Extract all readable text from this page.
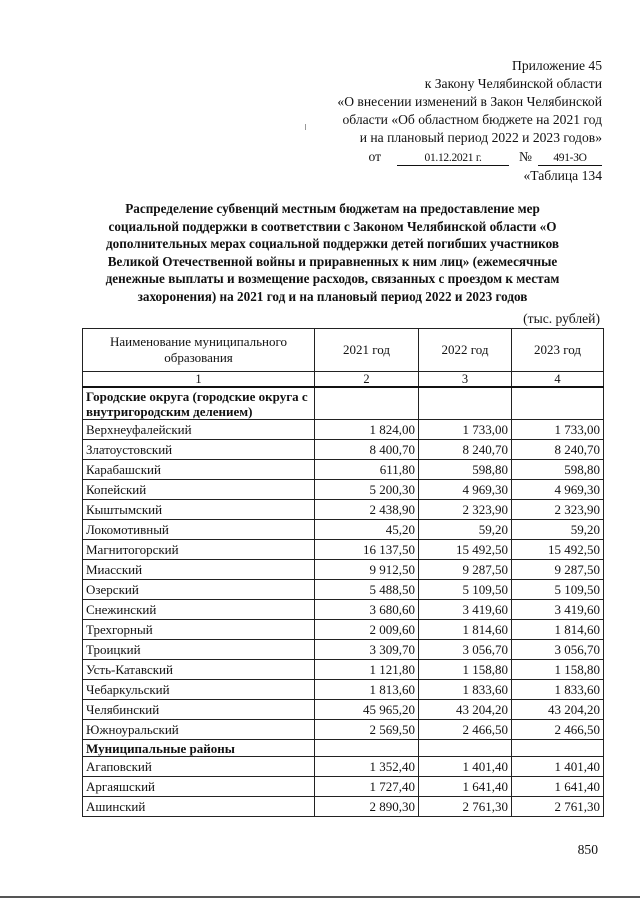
Приложение 45
к Закону Челябинской области
«О внесении изменений в Закон Челябинской
области «Об областном бюджете на 2021 год
и на плановый период 2022 и 2023 годов»
от	01.12.2021 г.	№	491-ЗО
«Таблица 134
Распределение субвенций местным бюджетам на предоставление мер социальной поддержки в соответствии с Законом Челябинской области «О дополнительных мерах социальной поддержки детей погибших участников Великой Отечественной войны и приравненных к ним лиц» (ежемесячные денежные выплаты и возмещение расходов, связанных с проездом к местам захоронения) на 2021 год и на плановый период 2022 и 2023 годов
(тыс. рублей)
Наименование муниципального образования	2021 год	2022 год	2023 год
1	2	3	4
Городские округа (городские округа с внутригородским делением)			
Верхнеуфалейский	1 824,00	1 733,00	1 733,00
Златоустовский	8 400,70	8 240,70	8 240,70
Карабашский	611,80	598,80	598,80
Копейский	5 200,30	4 969,30	4 969,30
Кыштымский	2 438,90	2 323,90	2 323,90
Локомотивный	45,20	59,20	59,20
Магнитогорский	16 137,50	15 492,50	15 492,50
Миасский	9 912,50	9 287,50	9 287,50
Озерский	5 488,50	5 109,50	5 109,50
Снежинский	3 680,60	3 419,60	3 419,60
Трехгорный	2 009,60	1 814,60	1 814,60
Троицкий	3 309,70	3 056,70	3 056,70
Усть-Катавский	1 121,80	1 158,80	1 158,80
Чебаркульский	1 813,60	1 833,60	1 833,60
Челябинский	45 965,20	43 204,20	43 204,20
Южноуральский	2 569,50	2 466,50	2 466,50
Муниципальные районы			
Агаповский	1 352,40	1 401,40	1 401,40
Аргаяшский	1 727,40	1 641,40	1 641,40
Ашинский	2 890,30	2 761,30	2 761,30
850
